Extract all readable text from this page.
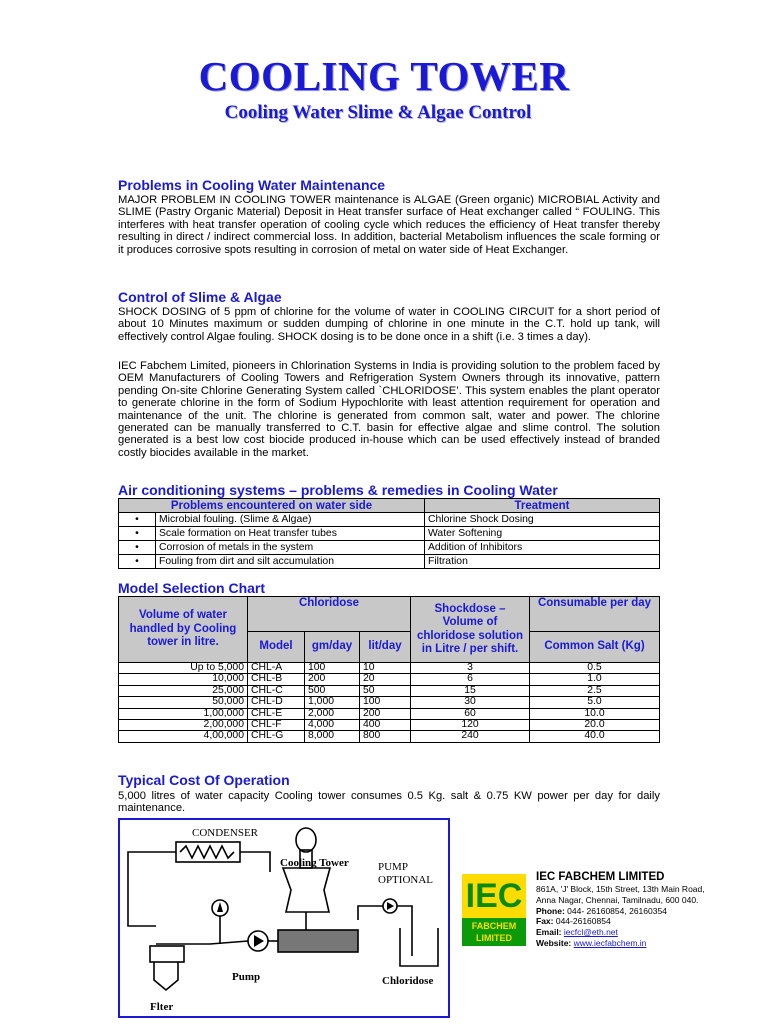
COOLING TOWER
Cooling Water Slime & Algae Control
Problems in Cooling Water Maintenance
MAJOR PROBLEM IN COOLING TOWER maintenance is ALGAE (Green organic) MICROBIAL Activity and SLIME (Pastry Organic Material) Deposit in Heat transfer surface of Heat exchanger called “ FOULING. This interferes with heat transfer operation of cooling cycle which reduces the efficiency of Heat transfer thereby resulting in direct / indirect commercial loss. In addition, bacterial Metabolism influences the scale forming or it produces corrosive spots resulting in corrosion of metal on water side of Heat Exchanger.
Control of Slime & Algae
SHOCK DOSING of 5 ppm of chlorine for the volume of water in COOLING CIRCUIT for a short period of about 10 Minutes maximum or sudden dumping of chlorine in one minute in the C.T. hold up tank, will effectively control Algae fouling. SHOCK dosing is to be done once in a shift (i.e. 3 times a day).
IEC Fabchem Limited, pioneers in Chlorination Systems in India is providing solution to the problem faced by OEM Manufacturers of Cooling Towers and Refrigeration System Owners through its innovative, pattern pending On-site Chlorine Generating System called `CHLORIDOSE’. This system enables the plant operator to generate chlorine in the form of Sodium Hypochlorite with least attention requirement for operation and maintenance of the unit. The chlorine is generated from common salt, water and power. The chlorine generated can be manually transferred to C.T. basin for effective algae and slime control. The solution generated is a best low cost biocide produced in-house which can be used effectively instead of branded costly biocides available in the market.
Air conditioning systems – problems & remedies in Cooling Water
Problems encountered on water side		Treatment
•	Microbial fouling. (Slime & Algae)	Chlorine Shock Dosing
•	Scale formation on Heat transfer tubes	Water Softening
•	Corrosion of metals in the system	Addition of Inhibitors
•	Fouling from dirt and silt accumulation	Filtration
Model Selection Chart
Volume of water handled by Cooling tower in litre.	Chloridose			Shockdose – Volume of chloridose solution in Litre / per shift.	Consumable per day
	Model	gm/day	lit/day		Common Salt (Kg)
Up to 5,000	CHL-A	100	10	3	0.5
10,000	CHL-B	200	20	6	1.0
25,000	CHL-C	500	50	15	2.5
50,000	CHL-D	1,000	100	30	5.0
1,00,000	CHL-E	2,000	200	60	10.0
2,00,000	CHL-F	4,000	400	120	20.0
4,00,000	CHL-G	8,000	800	240	40.0
Typical Cost Of Operation
5,000 litres of water capacity Cooling tower consumes 0.5 Kg. salt & 0.75 KW power per day for daily maintenance.
CONDENSER
Cooling Tower	PUMP
OPTIONAL
Pump
Flter
Chloridose
IEC
FABCHEM
LIMITED
IEC FABCHEM LIMITED
861A, 'J' Block, 15th Street, 13th Main Road,
Anna Nagar, Chennai, Tamilnadu, 600 040.
Phone: 044- 26160854, 26160354
Fax: 044-26160854
Email: iecfcl@eth.net
Website: www.iecfabchem.in
